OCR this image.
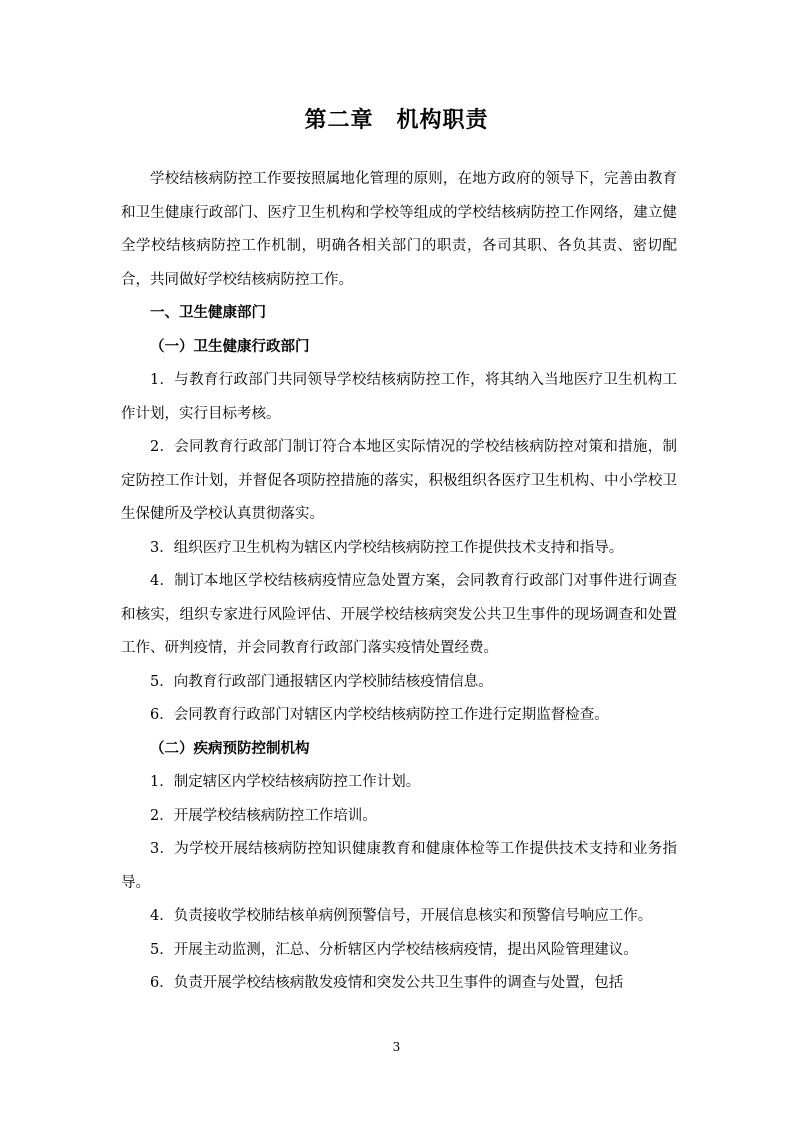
第二章　机构职责

学校结核病防控工作要按照属地化管理的原则，在地方政府的领导下，完善由教育和卫生健康行政部门、医疗卫生机构和学校等组成的学校结核病防控工作网络，建立健全学校结核病防控工作机制，明确各相关部门的职责，各司其职、各负其责、密切配合，共同做好学校结核病防控工作。

一、卫生健康部门

（一）卫生健康行政部门

1．与教育行政部门共同领导学校结核病防控工作，将其纳入当地医疗卫生机构工作计划，实行目标考核。

2．会同教育行政部门制订符合本地区实际情况的学校结核病防控对策和措施，制定防控工作计划，并督促各项防控措施的落实，积极组织各医疗卫生机构、中小学校卫生保健所及学校认真贯彻落实。

3．组织医疗卫生机构为辖区内学校结核病防控工作提供技术支持和指导。

4．制订本地区学校结核病疫情应急处置方案，会同教育行政部门对事件进行调查和核实，组织专家进行风险评估、开展学校结核病突发公共卫生事件的现场调查和处置工作、研判疫情，并会同教育行政部门落实疫情处置经费。

5．向教育行政部门通报辖区内学校肺结核疫情信息。

6．会同教育行政部门对辖区内学校结核病防控工作进行定期监督检查。

（二）疾病预防控制机构

1．制定辖区内学校结核病防控工作计划。

2．开展学校结核病防控工作培训。

3．为学校开展结核病防控知识健康教育和健康体检等工作提供技术支持和业务指导。

4．负责接收学校肺结核单病例预警信号，开展信息核实和预警信号响应工作。

5．开展主动监测，汇总、分析辖区内学校结核病疫情，提出风险管理建议。

6．负责开展学校结核病散发疫情和突发公共卫生事件的调查与处置，包括

3
